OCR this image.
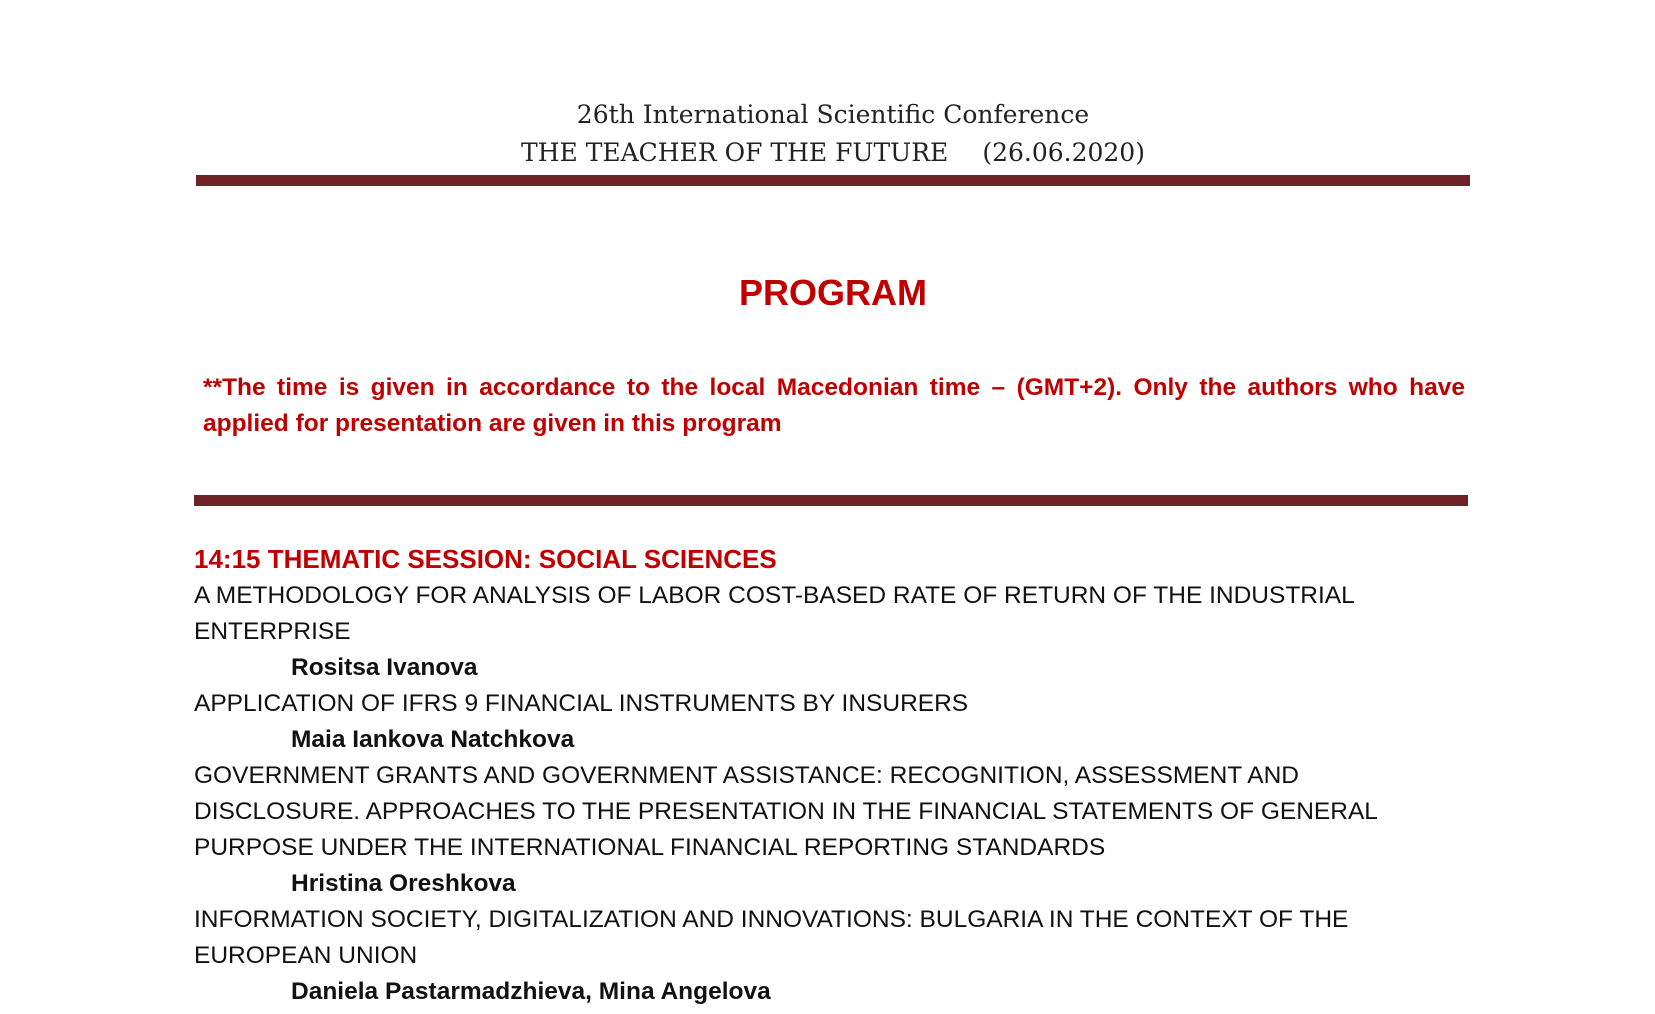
26th International Scientific Conference
THE TEACHER OF THE FUTURE (26.06.2020)
PROGRAM
**The time is given in accordance to the local Macedonian time – (GMT+2). Only the authors who have applied for presentation are given in this program
14:15 THEMATIC SESSION: SOCIAL SCIENCES
A METHODOLOGY FOR ANALYSIS OF LABOR COST-BASED RATE OF RETURN OF THE INDUSTRIAL ENTERPRISE
Rositsa Ivanova
APPLICATION OF IFRS 9 FINANCIAL INSTRUMENTS BY INSURERS
Maia Iankova Natchkova
GOVERNMENT GRANTS AND GOVERNMENT ASSISTANCE: RECOGNITION, ASSESSMENT AND DISCLOSURE. APPROACHES TO THE PRESENTATION IN THE FINANCIAL STATEMENTS OF GENERAL PURPOSE UNDER THE INTERNATIONAL FINANCIAL REPORTING STANDARDS
Hristina Oreshkova
INFORMATION SOCIETY, DIGITALIZATION AND INNOVATIONS: BULGARIA IN THE CONTEXT OF THE EUROPEAN UNION
Daniela Pastarmadzhieva, Mina Angelova
